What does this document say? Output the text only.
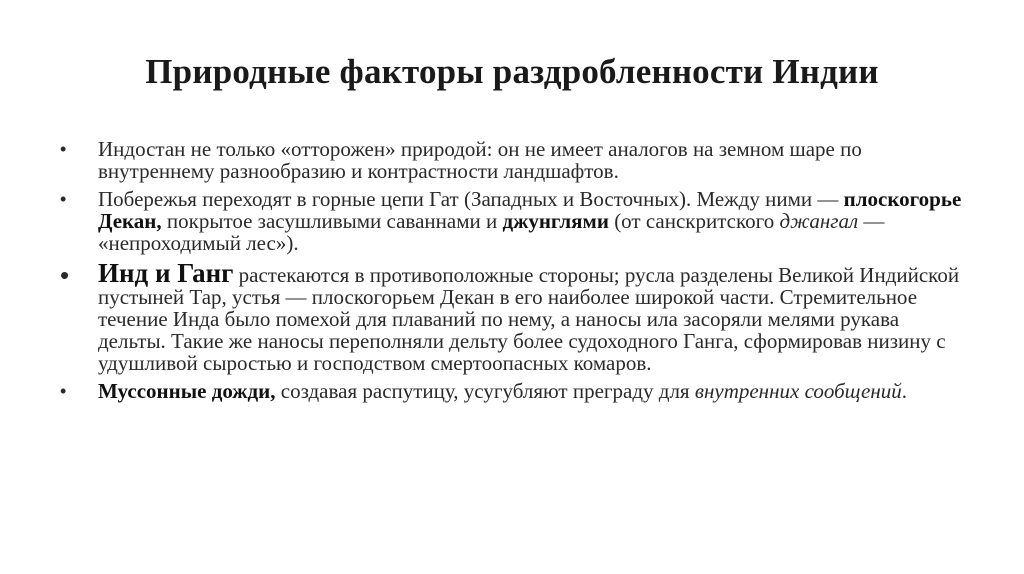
Природные факторы раздробленности Индии
•	Индостан не только «отторожен» природой: он не имеет аналогов на земном шаре по внутреннему разнообразию и контрастности ландшафтов.
•	Побережья переходят в горные цепи Гат (Западных и Восточных). Между ними — плоскогорье Декан, покрытое засушливыми саваннами и джунглями (от санскритского джангал — «непроходимый лес»).
•	Инд и Ганг растекаются в противоположные стороны; русла разделены Великой Индийской пустыней Тар, устья — плоскогорьем Декан в его наиболее широкой части. Стремительное течение Инда было помехой для плаваний по нему, а наносы ила засоряли мелями рукава дельты. Такие же наносы переполняли дельту более судоходного Ганга, сформировав низину с удушливой сыростью и господством смертоопасных комаров.
•	Муссонные дожди, создавая распутицу, усугубляют преграду для внутренних сообщений.
